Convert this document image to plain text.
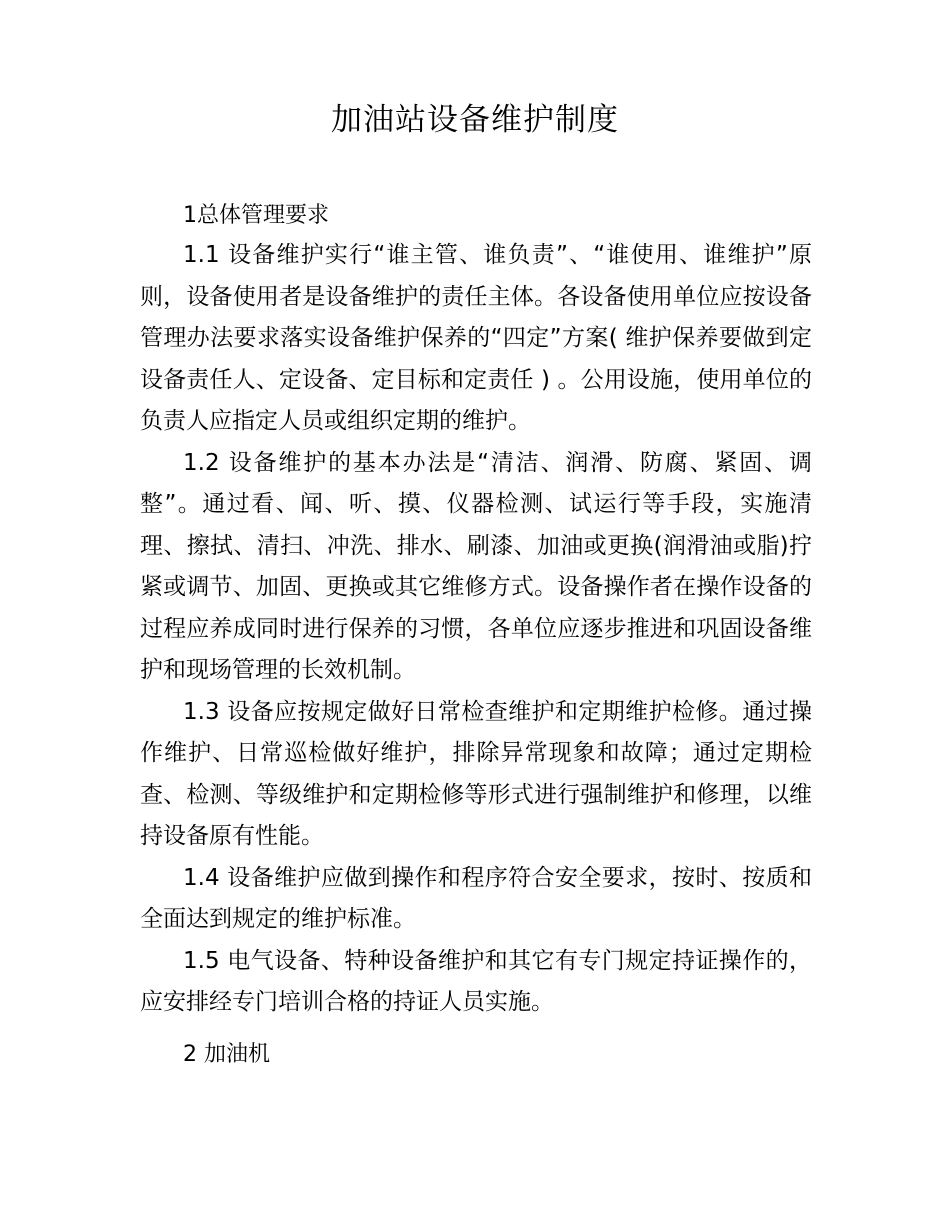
加油站设备维护制度
1总体管理要求

1.1 设备维护实行“谁主管、谁负责”、“谁使用、谁维护”原则，设备使用者是设备维护的责任主体。各设备使用单位应按设备管理办法要求落实设备维护保养的“四定”方案( 维护保养要做到定设备责任人、定设备、定目标和定责任 ) 。公用设施，使用单位的负责人应指定人员或组织定期的维护。

1.2 设备维护的基本办法是“清洁、润滑、防腐、紧固、调整”。通过看、闻、听、摸、仪器检测、试运行等手段，实施清理、擦拭、清扫、冲洗、排水、刷漆、加油或更换(润滑油或脂)拧紧或调节、加固、更换或其它维修方式。设备操作者在操作设备的过程应养成同时进行保养的习惯，各单位应逐步推进和巩固设备维护和现场管理的长效机制。

1.3 设备应按规定做好日常检查维护和定期维护检修。通过操作维护、日常巡检做好维护，排除异常现象和故障；通过定期检查、检测、等级维护和定期检修等形式进行强制维护和修理，以维持设备原有性能。

1.4 设备维护应做到操作和程序符合安全要求，按时、按质和全面达到规定的维护标准。

1.5 电气设备、特种设备维护和其它有专门规定持证操作的，应安排经专门培训合格的持证人员实施。

2 加油机
